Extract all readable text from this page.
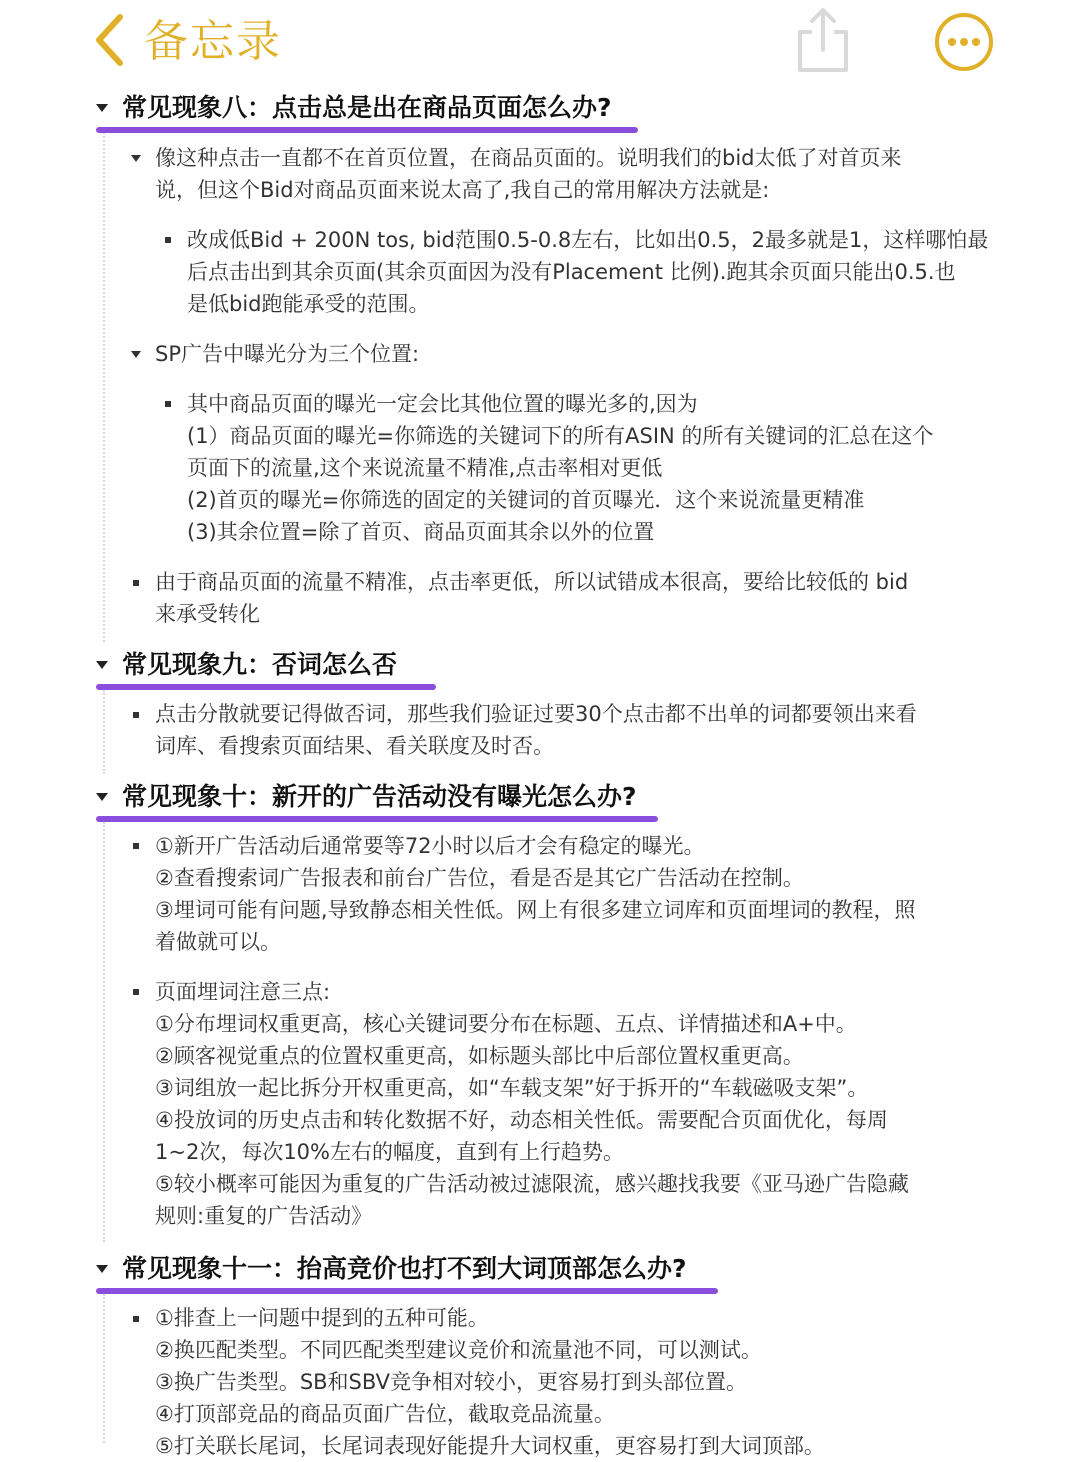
常见现象八：点击总是出在商品页面怎么办?
像这种点击一直都不在首页位置，在商品页面的。说明我们的bid太低了对首页来
说，但这个Bid对商品页面来说太高了,我自己的常用解决方法就是:
改成低Bid + 200N tos, bid范围0.5-0.8左右，比如出0.5，2最多就是1，这样哪怕最
后点击出到其余页面(其余页面因为没有Placement 比例).跑其余页面只能出0.5.也
是低bid跑能承受的范围。
SP广告中曝光分为三个位置:
其中商品页面的曝光一定会比其他位置的曝光多的,因为
(1）商品页面的曝光=你筛选的关键词下的所有ASIN 的所有关键词的汇总在这个
页面下的流量,这个来说流量不精准,点击率相对更低
(2)首页的曝光=你筛选的固定的关键词的首页曝光．这个来说流量更精准
(3)其余位置=除了首页、商品页面其余以外的位置
由于商品页面的流量不精准，点击率更低，所以试错成本很高，要给比较低的 bid
来承受转化
常见现象九：否词怎么否
点击分散就要记得做否词，那些我们验证过要30个点击都不出单的词都要领出来看
词库、看搜索页面结果、看关联度及时否。
常见现象十：新开的广告活动没有曝光怎么办?
①新开广告活动后通常要等72小时以后才会有稳定的曝光。
②查看搜索词广告报表和前台广告位，看是否是其它广告活动在控制。
③埋词可能有问题,导致静态相关性低。网上有很多建立词库和页面埋词的教程，照
着做就可以。
页面埋词注意三点:
①分布埋词权重更高，核心关键词要分布在标题、五点、详情描述和A+中。
②顾客视觉重点的位置权重更高，如标题头部比中后部位置权重更高。
③词组放一起比拆分开权重更高，如“车载支架”好于拆开的“车载磁吸支架”。
④投放词的历史点击和转化数据不好，动态相关性低。需要配合页面优化，每周
1~2次，每次10%左右的幅度，直到有上行趋势。
⑤较小概率可能因为重复的广告活动被过滤限流，感兴趣找我要《亚马逊广告隐藏
规则:重复的广告活动》
常见现象十一：抬高竞价也打不到大词顶部怎么办?
①排查上一问题中提到的五种可能。
②换匹配类型。不同匹配类型建议竞价和流量池不同，可以测试。
③换广告类型。SB和SBV竞争相对较小，更容易打到头部位置。
④打顶部竞品的商品页面广告位，截取竞品流量。
⑤打关联长尾词，长尾词表现好能提升大词权重，更容易打到大词顶部。
备忘录
